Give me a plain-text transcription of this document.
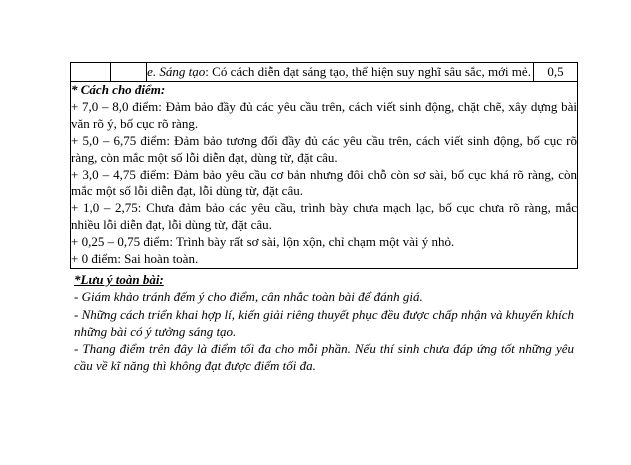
		e. Sáng tạo: Có cách diễn đạt sáng tạo, thể hiện suy nghĩ sâu sắc, mới mẻ.	0,5

* Cách cho điểm:
+ 7,0 – 8,0 điểm: Đảm bảo đầy đủ các yêu cầu trên, cách viết sinh động, chặt chẽ, xây dựng bài văn rõ ý, bố cục rõ ràng.
+ 5,0 – 6,75 điểm: Đảm bảo tương đối đầy đủ các yêu cầu trên, cách viết sinh động, bố cục rõ ràng, còn mắc một số lỗi diễn đạt, dùng từ, đặt câu.
+ 3,0 – 4,75 điểm: Đảm bảo yêu cầu cơ bản nhưng đôi chỗ còn sơ sài, bố cục khá rõ ràng, còn mắc một số lỗi diễn đạt, lỗi dùng từ, đặt câu.
+ 1,0 – 2,75: Chưa đảm bảo các yêu cầu, trình bày chưa mạch lạc, bố cục chưa rõ ràng, mắc nhiều lỗi diễn đạt, lỗi dùng từ, đặt câu.
+ 0,25 – 0,75 điểm: Trình bày rất sơ sài, lộn xộn, chỉ chạm một vài ý nhỏ.
+ 0 điểm: Sai hoàn toàn.
*Lưu ý toàn bài:
- Giám khảo tránh đếm ý cho điểm, cân nhắc toàn bài để đánh giá.
- Những cách triển khai hợp lí, kiến giải riêng thuyết phục đều được chấp nhận và khuyến khích những bài có ý tưởng sáng tạo.
- Thang điểm trên đây là điểm tối đa cho mỗi phần. Nếu thí sinh chưa đáp ứng tốt những yêu cầu về kĩ năng thì không đạt được điểm tối đa.
